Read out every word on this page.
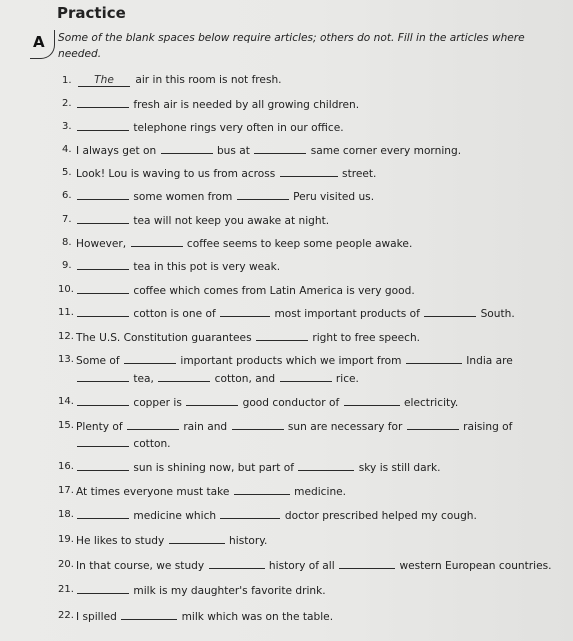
Practice
A Some of the blank spaces below require articles; others do not. Fill in the articles where needed.
1.	The air in this room is not fresh.
2.	fresh air is needed by all growing children.
3.	telephone rings very often in our office.
4. I always get on	bus at	same corner every morning.
5. Look! Lou is waving to us from across	street.
6.	some women from	Peru visited us.
7.	tea will not keep you awake at night.
8. However,	coffee seems to keep some people awake.
9.	tea in this pot is very weak.
10.	coffee which comes from Latin America is very good.
11.	cotton is one of	most important products of	South.
12. The U.S. Constitution guarantees	right to free speech.
13. Some of	important products which we import from	India are
tea,	cotton, and	rice.
14.	copper is	good conductor of	electricity.
15. Plenty of	rain and	sun are necessary for	raising of
cotton.
16.	sun is shining now, but part of	sky is still dark.
17. At times everyone must take	medicine.
18.	medicine which	doctor prescribed helped my cough.
19. He likes to study	history.
20. In that course, we study	history of all	western European countries.
21.	milk is my daughter's favorite drink.
22. I spilled	milk which was on the table.
